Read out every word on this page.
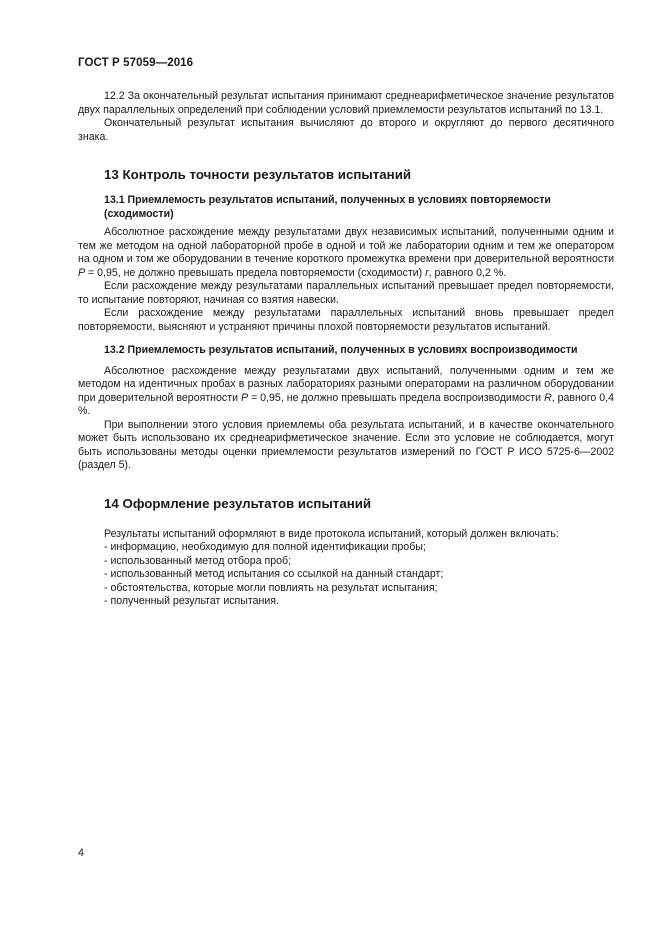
ГОСТ Р 57059—2016

12.2 За окончательный результат испытания принимают среднеарифметическое значение результатов двух параллельных определений при соблюдении условий приемлемости результатов испытаний по 13.1.

Окончательный результат испытания вычисляют до второго и округляют до первого десятичного знака.

13 Контроль точности результатов испытаний
13.1 Приемлемость результатов испытаний, полученных в условиях повторяемости (сходимости)

Абсолютное расхождение между результатами двух независимых испытаний, полученными одним и тем же методом на одной лабораторной пробе в одной и той же лаборатории одним и тем же оператором на одном и том же оборудовании в течение короткого промежутка времени при доверительной вероятности P = 0,95, не должно превышать предела повторяемости (сходимости) r, равного 0,2 %.

Если расхождение между результатами параллельных испытаний превышает предел повторяемости, то испытание повторяют, начиная со взятия навески.

Если расхождение между результатами параллельных испытаний вновь превышает предел повторяемости, выясняют и устраняют причины плохой повторяемости результатов испытаний.

13.2 Приемлемость результатов испытаний, полученных в условиях воспроизводимости

Абсолютное расхождение между результатами двух испытаний, полученными одним и тем же методом на идентичных пробах в разных лабораториях разными операторами на различном оборудовании при доверительной вероятности P = 0,95, не должно превышать предела воспроизводимости R, равного 0,4 %.

При выполнении этого условия приемлемы оба результата испытаний, и в качестве окончательного может быть использовано их среднеарифметическое значение. Если это условие не соблюдается, могут быть использованы методы оценки приемлемости результатов измерений по ГОСТ Р ИСО 5725-6—2002 (раздел 5).

14 Оформление результатов испытаний
Результаты испытаний оформляют в виде протокола испытаний, который должен включать:
- информацию, необходимую для полной идентификации пробы;
- использованный метод отбора проб;
- использованный метод испытания со ссылкой на данный стандарт;
- обстоятельства, которые могли повлиять на результат испытания;
- полученный результат испытания.
4
